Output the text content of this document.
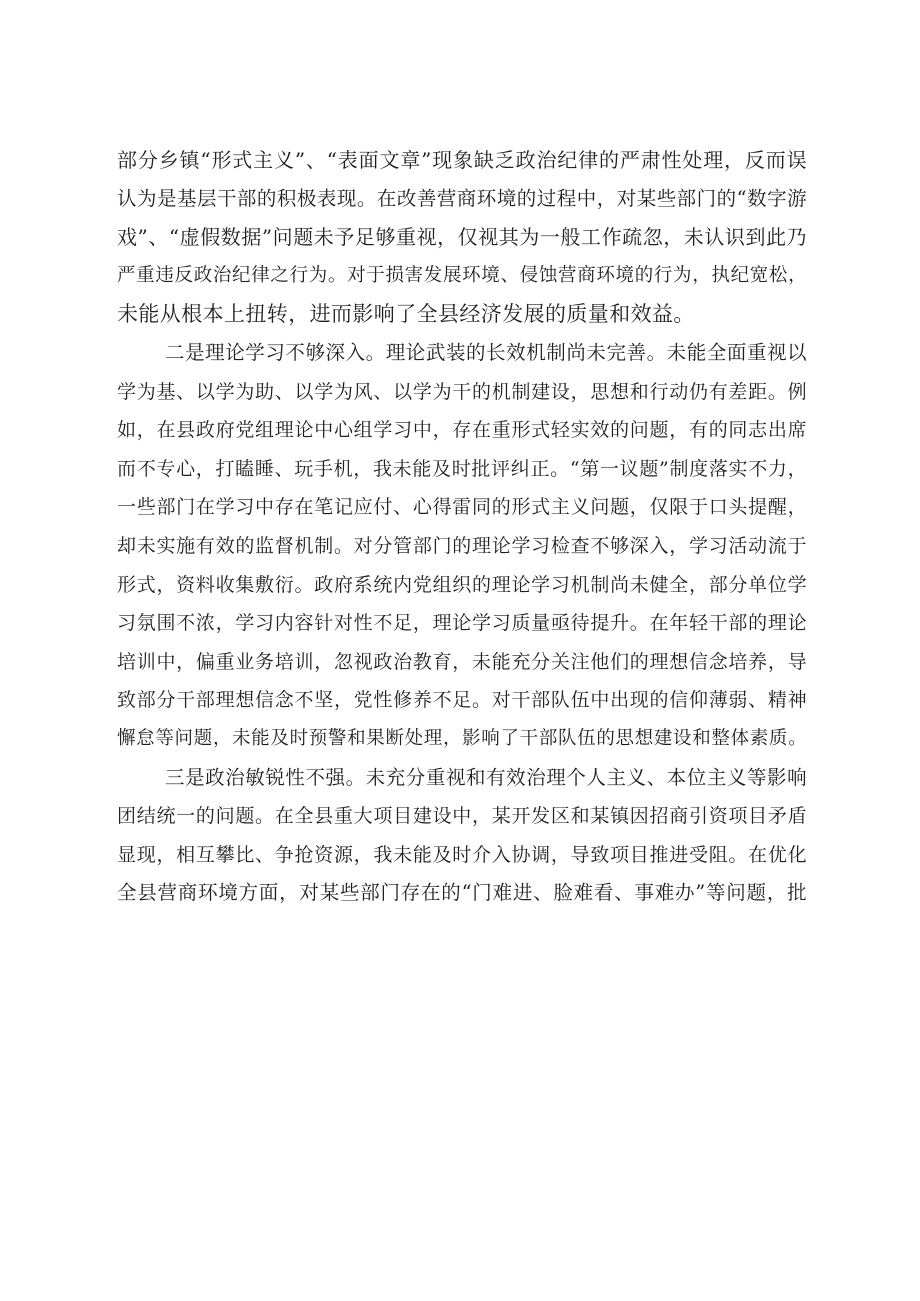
部分乡镇“形式主义”、“表面文章”现象缺乏政治纪律的严肃性处理，反而误
认为是基层干部的积极表现。在改善营商环境的过程中，对某些部门的“数字游
戏”、“虚假数据”问题未予足够重视，仅视其为一般工作疏忽，未认识到此乃
严重违反政治纪律之行为。对于损害发展环境、侵蚀营商环境的行为，执纪宽松，
未能从根本上扭转，进而影响了全县经济发展的质量和效益。
二是理论学习不够深入。理论武装的长效机制尚未完善。未能全面重视以
学为基、以学为助、以学为风、以学为干的机制建设，思想和行动仍有差距。例
如，在县政府党组理论中心组学习中，存在重形式轻实效的问题，有的同志出席
而不专心，打瞌睡、玩手机，我未能及时批评纠正。“第一议题”制度落实不力，
一些部门在学习中存在笔记应付、心得雷同的形式主义问题，仅限于口头提醒，
却未实施有效的监督机制。对分管部门的理论学习检查不够深入，学习活动流于
形式，资料收集敷衍。政府系统内党组织的理论学习机制尚未健全，部分单位学
习氛围不浓，学习内容针对性不足，理论学习质量亟待提升。在年轻干部的理论
培训中，偏重业务培训，忽视政治教育，未能充分关注他们的理想信念培养，导
致部分干部理想信念不坚，党性修养不足。对干部队伍中出现的信仰薄弱、精神
懈怠等问题，未能及时预警和果断处理，影响了干部队伍的思想建设和整体素质。
三是政治敏锐性不强。未充分重视和有效治理个人主义、本位主义等影响
团结统一的问题。在全县重大项目建设中，某开发区和某镇因招商引资项目矛盾
显现，相互攀比、争抢资源，我未能及时介入协调，导致项目推进受阻。在优化
全县营商环境方面，对某些部门存在的“门难进、脸难看、事难办”等问题，批
